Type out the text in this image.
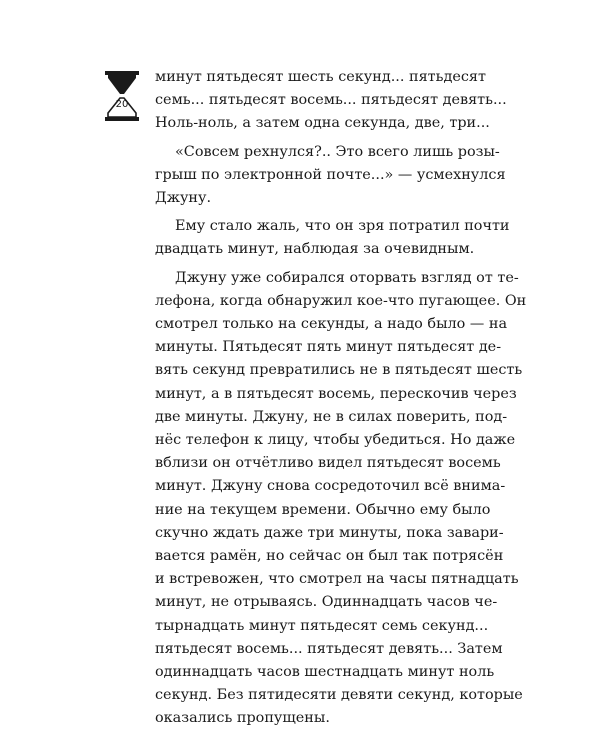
20

минут пятьдесят шесть секунд... пятьдесят
семь... пятьдесят восемь... пятьдесят девять...
Ноль-ноль, а затем одна секунда, две, три...

«Совсем рехнулся?.. Это всего лишь розы-
грыш по электронной почте...» — усмехнулся
Джуну.

Ему стало жаль, что он зря потратил почти
двадцать минут, наблюдая за очевидным.

Джуну уже собирался оторвать взгляд от те-
лефона, когда обнаружил кое-что пугающее. Он
смотрел только на секунды, а надо было — на
минуты. Пятьдесят пять минут пятьдесят де-
вять секунд превратились не в пятьдесят шесть
минут, а в пятьдесят восемь, перескочив через
две минуты. Джуну, не в силах поверить, под-
нёс телефон к лицу, чтобы убедиться. Но даже
вблизи он отчётливо видел пятьдесят восемь
минут. Джуну снова сосредоточил всё внима-
ние на текущем времени. Обычно ему было
скучно ждать даже три минуты, пока завари-
вается рамён, но сейчас он был так потрясён
и встревожен, что смотрел на часы пятнадцать
минут, не отрываясь. Одиннадцать часов че-
тырнадцать минут пятьдесят семь секунд...
пятьдесят восемь... пятьдесят девять... Затем
одиннадцать часов шестнадцать минут ноль
секунд. Без пятидесяти девяти секунд, которые
оказались пропущены.
